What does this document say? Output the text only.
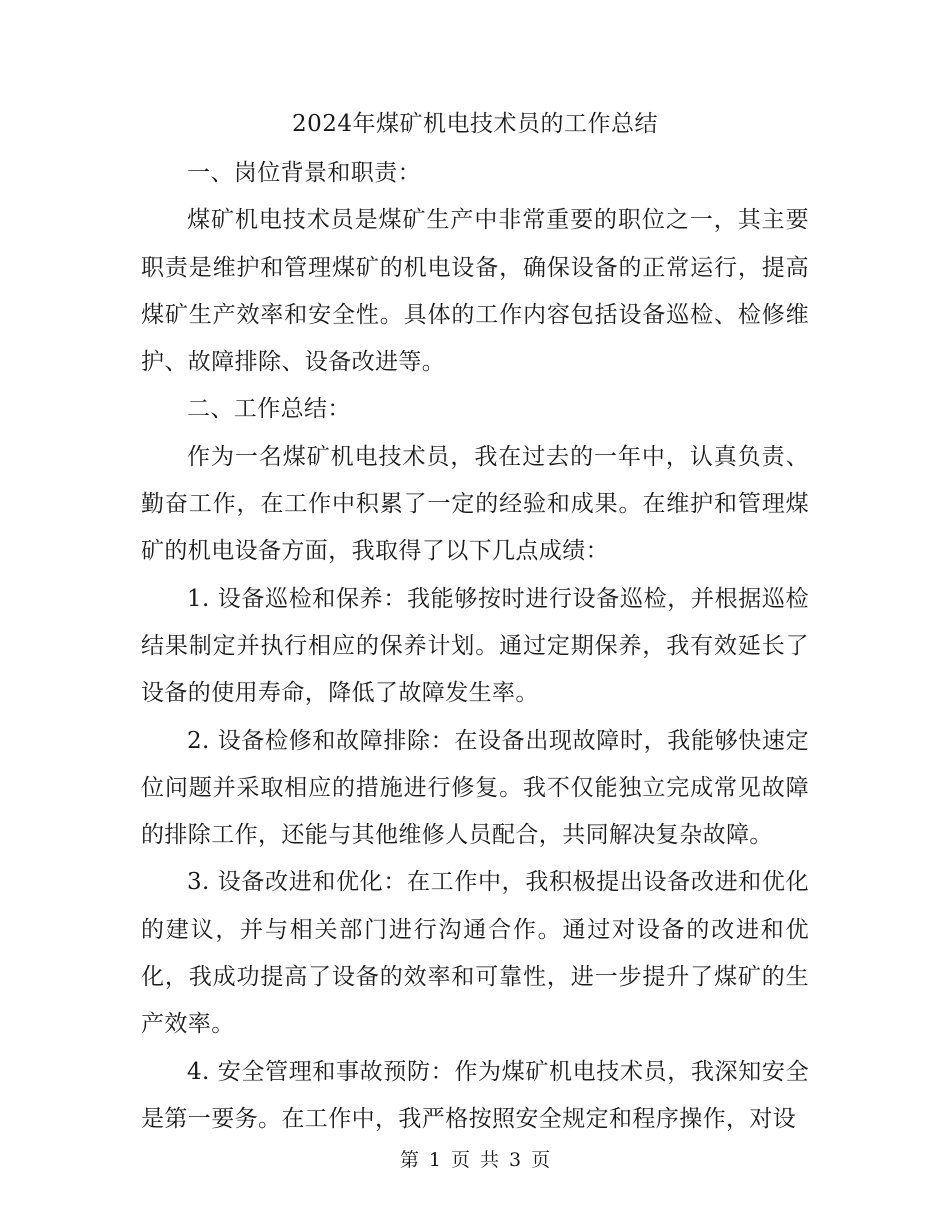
2024年煤矿机电技术员的工作总结

一、岗位背景和职责：

煤矿机电技术员是煤矿生产中非常重要的职位之一，其主要职责是维护和管理煤矿的机电设备，确保设备的正常运行，提高煤矿生产效率和安全性。具体的工作内容包括设备巡检、检修维护、故障排除、设备改进等。

二、工作总结：

作为一名煤矿机电技术员，我在过去的一年中，认真负责、勤奋工作，在工作中积累了一定的经验和成果。在维护和管理煤矿的机电设备方面，我取得了以下几点成绩：

1. 设备巡检和保养：我能够按时进行设备巡检，并根据巡检结果制定并执行相应的保养计划。通过定期保养，我有效延长了设备的使用寿命，降低了故障发生率。

2. 设备检修和故障排除：在设备出现故障时，我能够快速定位问题并采取相应的措施进行修复。我不仅能独立完成常见故障的排除工作，还能与其他维修人员配合，共同解决复杂故障。

3. 设备改进和优化：在工作中，我积极提出设备改进和优化的建议，并与相关部门进行沟通合作。通过对设备的改进和优化，我成功提高了设备的效率和可靠性，进一步提升了煤矿的生产效率。

4. 安全管理和事故预防：作为煤矿机电技术员，我深知安全是第一要务。在工作中，我严格按照安全规定和程序操作，对设

第 1 页 共 3 页
